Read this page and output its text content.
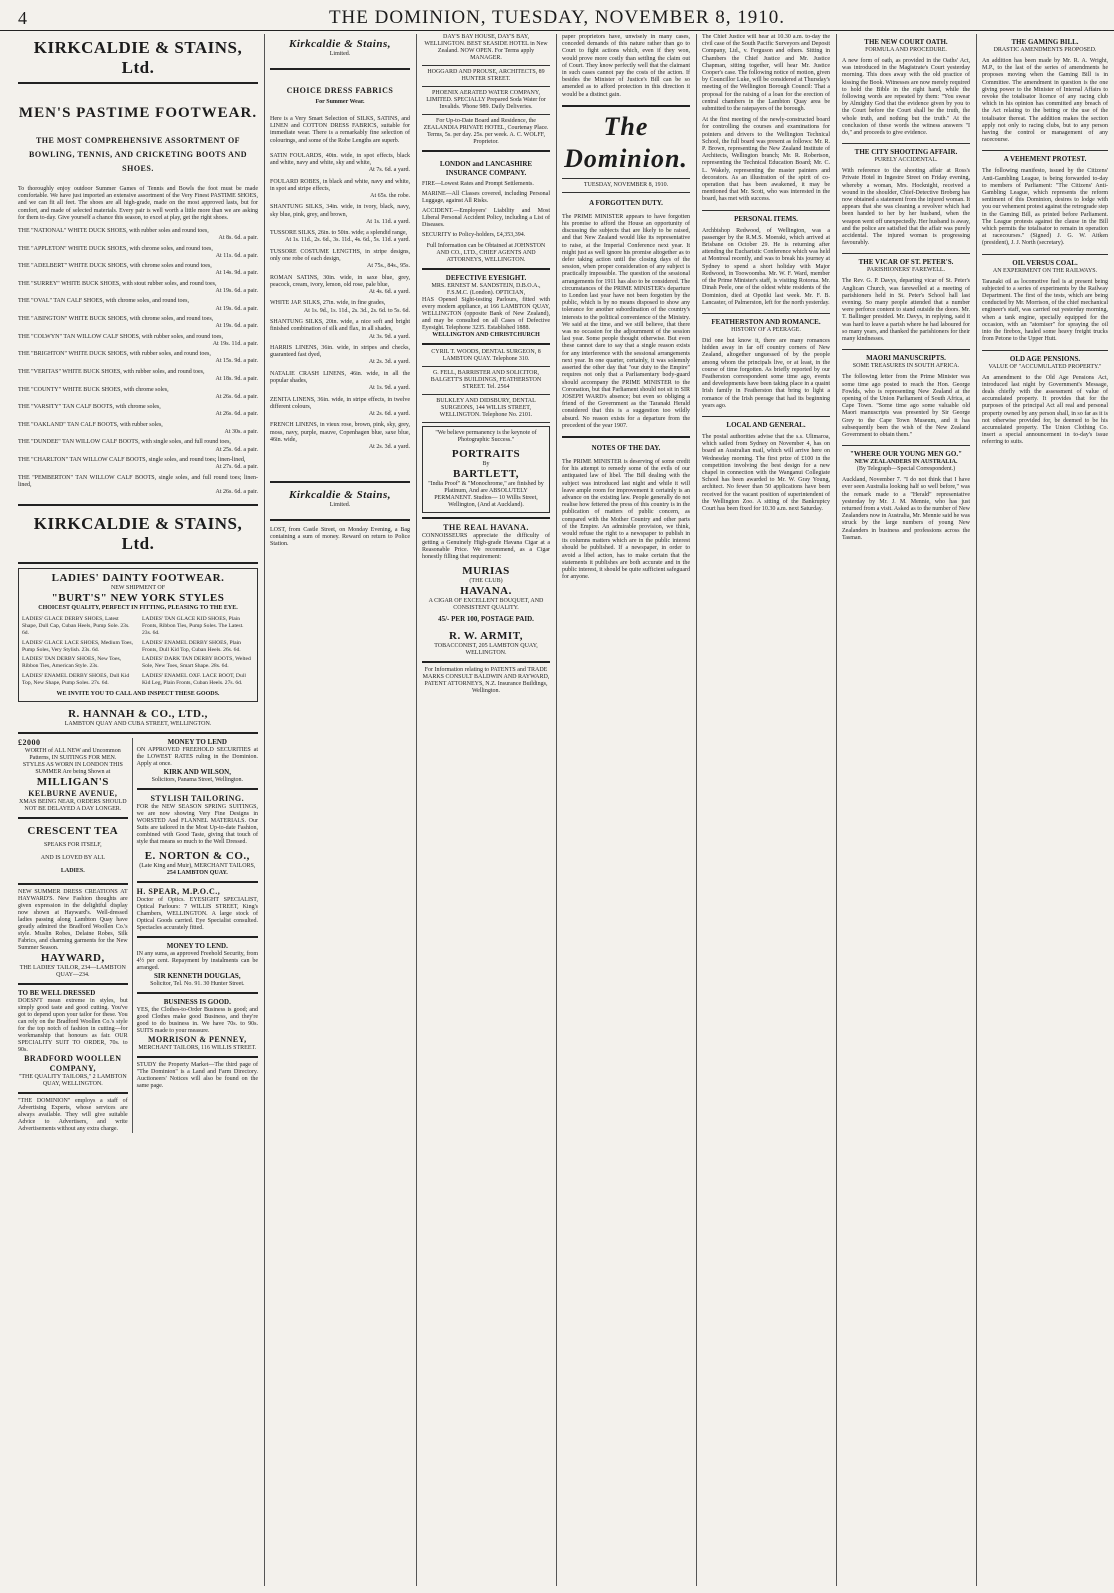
4	THE DOMINION, TUESDAY, NOVEMBER 8, 1910.
KIRKCALDIE & STAINS, Ltd.
MEN'S PASTIME FOOTWEAR.
THE MOST COMPREHENSIVE ASSORTMENT OF BOWLING, TENNIS, AND CRICKETING BOOTS AND SHOES.
To thoroughly enjoy outdoor Summer Games of Tennis and Bowls the foot must be made comfortable. We have just imported an extensive assortment of the Very Finest PASTIME SHOES, and we can fit all feet. The shoes are all high-grade, made on the most approved lasts, but for comfort, and made of selected materials. Every pair is well worth a little more than we are asking for them to-day. Give yourself a chance this season, to excel at play, get the right shoes.
THE "NATIONAL" WHITE DUCK SHOES, with rubber soles and round toes,
At 8s. 6d. a pair.
THE "APPLETON" WHITE DUCK SHOES, with chrome soles, and round toes,
At 11s. 6d. a pair.
THE "ADELBERT" WHITE DUCK SHOES, with chrome soles and round toes,
At 14s. 9d. a pair.
THE "SURREY" WHITE BUCK SHOES, with stout rubber soles, and round toes,
At 19s. 6d. a pair.
THE "OVAL" TAN CALF SHOES, with chrome soles, and round toes,
At 19s. 6d. a pair.
THE "ABINGTON" WHITE BUCK SHOES, with chrome soles, and round toes,
At 19s. 6d. a pair.
THE "COLWYN" TAN WILLOW CALF SHOES, with rubber soles, and round toes,
At 19s. 11d. a pair.
THE "BRIGHTON" WHITE DUCK SHOES, with rubber soles, and round toes,
At 15s. 9d. a pair.
THE "VERITAS" WHITE BUCK SHOES, with rubber soles, and round toes,
At 18s. 9d. a pair.
THE "COUNTY" WHITE BUCK SHOES, with chrome soles,
At 26s. 6d. a pair.
THE "VARSITY" TAN CALF BOOTS, with chrome soles,
At 26s. 6d. a pair.
THE "OAKLAND" TAN CALF BOOTS, with rubber soles,
At 30s. a pair.
THE "DUNDEE" TAN WILLOW CALF BOOTS, with single soles, and full round toes,
At 25s. 6d. a pair.
THE "CHARLTON" TAN WILLOW CALF BOOTS, single soles, and round toes; linen-lined,
At 27s. 6d. a pair.
THE "PEMBERTON" TAN WILLOW CALF BOOTS, single soles, and full round toes; linen-lined,
At 26s. 6d. a pair.
KIRKCALDIE & STAINS, Ltd.
LADIES' DAINTY FOOTWEAR.
NEW SHIPMENT OF
"BURT'S" NEW YORK STYLES
CHOICEST QUALITY, PERFECT IN FITTING, PLEASING TO THE EYE.
LADIES' GLACE DERBY SHOES, Latest Shape, Dull Cap, Cuban Heels, Pump Sole. 23s. 6d.
LADIES' TAN GLACE KID SHOES, Plain Fronts, Ribbon Ties, Pump Soles. The Latest. 23s. 6d.
LADIES' GLACE LACE SHOES, Medium Toes, Pump Soles, Very Stylish. 23s. 6d.
LADIES' ENAMEL DERBY SHOES, Plain Fronts, Dull Kid Top, Cuban Heels. 26s. 6d.
LADIES' TAN DERBY SHOES, New Toes, Ribbon Ties, American Style. 23s.
LADIES' DARK TAN DERBY BOOTS, Welted Sole, New Toes, Smart Shape. 28s. 6d.
LADIES' ENAMEL DERBY SHOES, Dull Kid Top, New Shape, Pump Soles. 27s. 6d.
LADIES' ENAMEL OXF. LACE BOOT, Dull Kid Leg, Plain Fronts, Cuban Heels. 27s. 6d.
WE INVITE YOU TO CALL AND INSPECT THESE GOODS.
R. HANNAH & CO., LTD.,
LAMBTON QUAY AND CUBA STREET, WELLINGTON.
£2000
WORTH of ALL NEW and Uncommon Patterns, IN SUITINGS FOR MEN. STYLES AS WORN IN LONDON THIS SUMMER Are being Shown at
MILLIGAN'S
KELBURNE AVENUE,
XMAS BEING NEAR, ORDERS SHOULD NOT BE DELAYED A DAY LONGER.
CRESCENT TEA
SPEAKS FOR ITSELF,
AND IS LOVED BY ALL
LADIES.
NEW SUMMER DRESS CREATIONS AT HAYWARD'S. New Fashion thoughts are given expression in the delightful display now shown at Hayward's. Well-dressed ladies passing along Lambton Quay have greatly admired the Bradford Woollen Co.'s style. Muslin Robes, Delaine Robes, Silk Fabrics, and charming garments for the New Summer Season.
HAYWARD,
THE LADIES' TAILOR, 234—LAMBTON QUAY—234.
TO BE WELL DRESSED
DOESN'T mean extreme in styles, but simply good taste and good cutting. You've got to depend upon your tailor for these. You can rely on the Bradford Woollen Co.'s style for the top notch of fashion in cutting—for workmanship that honours as fair. OUR SPECIALITY SUIT TO ORDER, 70s. to 90s.
BRADFORD WOOLLEN COMPANY,
"THE QUALITY TAILORS," 2 LAMBTON QUAY, WELLINGTON.
"THE DOMINION" employs a staff of Advertising Experts, whose services are always available. They will give suitable Advice to Advertisers, and write Advertisements without any extra charge.
MONEY TO LEND
ON APPROVED FREEHOLD SECURITIES at the LOWEST RATES ruling in the Dominion. Apply at once.
KIRK AND WILSON,
Solicitors, Panama Street, Wellington.
STYLISH TAILORING.
FOR the NEW SEASON SPRING SUITINGS, we are now showing Very Fine Designs in WORSTED And FLANNEL MATERIALS. Our Suits are tailored in the Most Up-to-date Fashion, combined with Good Taste, giving that touch of style that means so much to the Well Dressed.
E. NORTON & CO.,
(Late King and Muir), MERCHANT TAILORS,
254 LAMBTON QUAY.
H. SPEAR, M.P.O.C.,
Doctor of Optics. EYESIGHT SPECIALIST, Optical Parlours: 7 WILLIS STREET, King's Chambers, WELLINGTON. A large stock of Optical Goods carried. Eye Specialist consulted. Spectacles accurately fitted.
MONEY TO LEND.
IN any sums, as approved Freehold Security, from 4½ per cent. Repayment by instalments can be arranged.
SIR KENNETH DOUGLAS,
Solicitor, Tel. No. 91. 30 Hunter Street.
BUSINESS IS GOOD.
YES, the Clothes-to-Order Business is good; and good Clothes make good Business, and they're good to do business in. We have 70s. to 90s. SUITS made to your measure.
MORRISON & PENNEY,
MERCHANT TAILORS, 116 WILLIS STREET.
STUDY the Property Market—The third page of "The Dominion" is a Land and Farm Directory. Auctioneers' Notices will also be found on the same page.
Kirkcaldie & Stains,
Limited.
CHOICE DRESS FABRICS
For Summer Wear.
Here is a Very Smart Selection of SILKS, SATINS, and LINEN and COTTON DRESS FABRICS, suitable for immediate wear. There is a remarkably fine selection of colourings, and some of the Robe Lengths are superb.
SATIN FOULARDS, 40in. wide, in spot effects, black and white, navy and white, sky and white,
At 7s. 6d. a yard.
FOULARD ROBES, in black and white, navy and white, in spot and stripe effects,
At 65s. the robe.
SHANTUNG SILKS, 34in. wide, in ivory, black, navy, sky blue, pink, grey, and brown,
At 1s. 11d. a yard.
TUSSORE SILKS, 26in. to 50in. wide; a splendid range,
At 1s. 11d., 2s. 6d., 3s. 11d., 4s. 6d., 5s. 11d. a yard.
TUSSORE COSTUME LENGTHS, in stripe designs, only one robe of each design,
At 75s., 84s., 95s.
ROMAN SATINS, 30in. wide, in saxe blue, grey, peacock, cream, ivory, lemon, old rose, pale blue,
At 4s. 6d. a yard.
WHITE JAP. SILKS, 27in. wide, in fine grades,
At 1s. 9d., 1s. 11d., 2s. 3d., 2s. 6d. to 5s. 6d.
SHANTUNG SILKS, 20in. wide, a nice soft and bright finished combination of silk and flax, in all shades,
At 3s. 9d. a yard.
HARRIS LINENS, 36in. wide, in stripes and checks, guaranteed fast dyed,
At 2s. 3d. a yard.
NATALIE CRASH LINENS, 46in. wide, in all the popular shades,
At 1s. 9d. a yard.
ZENITA LINENS, 36in. wide, in stripe effects, in twelve different colours,
At 2s. 6d. a yard.
FRENCH LINENS, in vieux rose, brown, pink, sky, grey, moss, navy, purple, mauve, Copenhagen blue, saxe blue, 46in. wide,
At 2s. 3d. a yard.
Kirkcaldie & Stains,
Limited.
LOST, from Castle Street, on Monday Evening, a Bag containing a sum of money. Reward on return to Police Station.
DAY'S BAY HOUSE, DAY'S BAY, WELLINGTON. BEST SEASIDE HOTEL in New Zealand. NOW OPEN. For Terms apply MANAGER.
HOGGARD AND PROUSE, ARCHITECTS, 89 HUNTER STREET.
PHOENIX AERATED WATER COMPANY, LIMITED. SPECIALLY Prepared Soda Water for Invalids. 'Phone 989. Daily Deliveries.
For Up-to-Date Board and Residence, the ZEALANDIA PRIVATE HOTEL, Courtenay Place. Terms, 5s. per day. 25s. per week. A. C. WOLFF, Proprietor.
LONDON and LANCASHIRE INSURANCE COMPANY.
FIRE—Lowest Rates and Prompt Settlements.
MARINE—All Classes covered, including Personal Luggage, against All Risks.
ACCIDENT.—Employers' Liability and Most Liberal Personal Accident Policy, including a List of Diseases.
SECURITY to Policy-holders, £4,353,394.
Full Information can be Obtained at JOHNSTON AND CO., LTD., CHIEF AGENTS AND ATTORNEYS, WELLINGTON.
DEFECTIVE EYESIGHT.
MRS. ERNEST M. SANDSTEIN, D.B.O.A., F.S.M.C. (London). OPTICIAN,
HAS Opened Sight-testing Parlours, fitted with every modern appliance, at 166 LAMBTON QUAY, WELLINGTON (opposite Bank of New Zealand), and may be consulted on all Cases of Defective Eyesight. Telephone 3235. Established 1888.
WELLINGTON AND CHRISTCHURCH
CYRIL T. WOODS, DENTAL SURGEON, 8 LAMBTON QUAY. Telephone 310.
G. FELL, BARRISTER AND SOLICITOR, BALGETT'S BUILDINGS, FEATHERSTON STREET. Tel. 2564
BULKLEY AND DIDSBURY, DENTAL SURGEONS, 144 WILLIS STREET, WELLINGTON. Telephone No. 2101.
"We believe permanency is the keynote of Photographic Success."
PORTRAITS
By
BARTLETT,
"India Proof" & "Monochrome," are finished by Platinum, And are ABSOLUTELY PERMANENT. Studios— 10 Willis Street, Wellington, (And at Auckland).
THE REAL HAVANA.
CONNOISSEURS appreciate the difficulty of getting a Genuinely High-grade Havana Cigar at a Reasonable Price. We recommend, as a Cigar honestly filling that requirement:
MURIAS
(THE CLUB)
HAVANA.
A CIGAR OF EXCELLENT BOUQUET, AND CONSISTENT QUALITY.
45/- PER 100, POSTAGE PAID.
R. W. ARMIT,
TOBACCONIST, 205 LAMBTON QUAY, WELLINGTON.
For Information relating to PATENTS and TRADE MARKS CONSULT BALDWIN AND RAYWARD, PATENT ATTORNEYS, N.Z. Insurance Buildings, Wellington.
paper proprietors have, unwisely in many cases, conceded demands of this nature rather than go to Court to fight actions which, even if they won, would prove more costly than settling the claim out of Court. They know perfectly well that the claimant in such cases cannot pay the costs of the action. If besides the Minister of Justice's Bill can be so amended as to afford protection in this direction it would be a distinct gain.
The Dominion.
TUESDAY, NOVEMBER 8, 1910.
A FORGOTTEN DUTY.
The PRIME MINISTER appears to have forgotten his promise to afford the House an opportunity of discussing the subjects that are likely to be raised, and that New Zealand would like its representative to raise, at the Imperial Conference next year. It might just as well ignore his promise altogether as to defer taking action until the closing days of the session, when proper consideration of any subject is practically impossible. The question of the sessional arrangements for 1911 has also to be considered. The circumstances of the PRIME MINISTER's departure to London last year have not been forgotten by the public, which is by no means disposed to show any tolerance for another subordination of the country's interests to the political convenience of the Ministry. We said at the time, and we still believe, that there was no occasion for the adjournment of the session last year. Some people thought otherwise. But even these cannot dare to say that a single reason exists for any interference with the sessional arrangements next year. In one quarter, certainly, it was solemnly asserted the other day that "our duty to the Empire" requires not only that a Parliamentary body-guard should accompany the PRIME MINISTER to the Coronation, but that Parliament should not sit in SIR JOSEPH WARD's absence; but even so obliging a friend of the Government as the Taranaki Herald considered that this is a suggestion too wildly absurd. No reason exists for a departure from the precedent of the year 1907.
NOTES OF THE DAY.
The PRIME MINISTER is deserving of some credit for his attempt to remedy some of the evils of our antiquated law of libel. The Bill dealing with the subject was introduced last night and while it will leave ample room for improvement it certainly is an advance on the existing law. People generally do not realise how fettered the press of this country is in the publication of matters of public concern, as compared with the Mother Country and other parts of the Empire. An admirable provision, we think, would refuse the right to a newspaper to publish in its columns matters which are in the public interest should be published. If a newspaper, in order to avoid a libel action, has to make certain that the statements it publishes are both accurate and in the public interest, it should be quite sufficient safeguard for anyone.
The Chief Justice will hear at 10.30 a.m. to-day the civil case of the South Pacific Surveyors and Deposit Company, Ltd., v. Ferguson and others. Sitting in Chambers the Chief Justice and Mr. Justice Chapman, sitting together, will hear Mr. Justice Cooper's case. The following notice of motion, given by Councillor Luke, will be considered at Thursday's meeting of the Wellington Borough Council: That a proposal for the raising of a loan for the erection of central chambers in the Lambton Quay area be submitted to the ratepayers of the borough.
At the first meeting of the newly-constructed board for controlling the courses and examinations for pointers and drivers to the Wellington Technical School, the full board was present as follows: Mr. R. P. Brown, representing the New Zealand Institute of Architects, Wellington branch; Mr. R. Robertson, representing the Technical Education Board; Mr. C. L. Wakely, representing the master painters and decorators. As an illustration of the spirit of co-operation that has been awakened, it may be mentioned that Mr. Scott, who was interested in the board, has met with success.
PERSONAL ITEMS.
Archbishop Redwood, of Wellington, was a passenger by the R.M.S. Moeraki, which arrived at Brisbane on October 29. He is returning after attending the Eucharistic Conference which was held at Montreal recently, and was to break his journey at Sydney to spend a short holiday with Major Redwood, in Toowoomba. Mr. W. F. Ward, member of the Prime Minister's staff, is visiting Rotorua. Mr. Dinah Peele, one of the oldest white residents of the Dominion, died at Opotiki last week. Mr. F. B. Lancaster, of Palmerston, left for the north yesterday.
FEATHERSTON AND ROMANCE.
HISTORY OF A PEERAGE.
Did one but know it, there are many romances hidden away in far off country corners of New Zealand, altogether unguessed of by the people among whom the principals live, or at least, in the course of time forgotten. As briefly reported by our Featherston correspondent some time ago, events and developments have been taking place in a quaint Irish family in Featherston that bring to light a romance of the Irish peerage that had its beginning years ago.
LOCAL AND GENERAL.
The postal authorities advise that the s.s. Ulimaroa, which sailed from Sydney on November 4, has on board an Australian mail, which will arrive here on Wednesday morning. The first prize of £100 in the competition involving the best design for a new chapel in connection with the Wanganui Collegiate School has been awarded to Mr. W. Gray Young, architect. No fewer than 50 applications have been received for the vacant position of superintendent of the Wellington Zoo. A sitting of the Bankruptcy Court has been fixed for 10.30 a.m. next Saturday.
THE NEW COURT OATH.
FORMULA AND PROCEDURE.
A new form of oath, as provided in the Oaths' Act, was introduced in the Magistrate's Court yesterday morning. This does away with the old practice of kissing the Book. Witnesses are now merely required to hold the Bible in the right hand, while the following words are repeated by them: "You swear by Almighty God that the evidence given by you to the Court before the Court shall be the truth, the whole truth, and nothing but the truth." At the conclusion of these words the witness answers "I do," and proceeds to give evidence.
THE CITY SHOOTING AFFAIR.
PURELY ACCIDENTAL.
With reference to the shooting affair at Ross's Private Hotel in Ingestre Street on Friday evening, whereby a woman, Mrs. Hocknight, received a wound in the shoulder, Chief-Detective Broberg has now obtained a statement from the injured woman. It appears that she was cleaning a revolver which had been handed to her by her husband, when the weapon went off unexpectedly. Her husband is away, and the police are satisfied that the affair was purely accidental. The injured woman is progressing favourably.
THE VICAR OF ST. PETER'S.
PARISHIONERS' FAREWELL.
The Rev. G. P. Davys, departing vicar of St. Peter's Anglican Church, was farewelled at a meeting of parishioners held in St. Peter's School hall last evening. So many people attended that a number were perforce content to stand outside the doors. Mr. T. Ballinger presided. Mr. Davys, in replying, said it was hard to leave a parish where he had laboured for so many years, and thanked the parishioners for their many kindnesses.
MAORI MANUSCRIPTS.
SOME TREASURES IN SOUTH AFRICA.
The following letter from the Prime Minister was some time ago posted to reach the Hon. George Fowlds, who is representing New Zealand at the opening of the Union Parliament of South Africa, at Cape Town. "Some time ago some valuable old Maori manuscripts was presented by Sir George Grey to the Cape Town Museum, and it has subsequently been the wish of the New Zealand Government to obtain them."
"WHERE OUR YOUNG MEN GO."
NEW ZEALANDERS IN AUSTRALIA.
(By Telegraph—Special Correspondent.)
Auckland, November 7. "I do not think that I have ever seen Australia looking half so well before," was the remark made to a "Herald" representative yesterday by Mr. J. M. Mennie, who has just returned from a visit. Asked as to the number of New Zealanders now in Australia, Mr. Mennie said he was struck by the large numbers of young New Zealanders in business and professions across the Tasman.
THE GAMING BILL.
DRASTIC AMENDMENTS PROPOSED.
An addition has been made by Mr. R. A. Wright, M.P., to the last of the series of amendments he proposes moving when the Gaming Bill is in Committee. The amendment in question is the one giving power to the Minister of Internal Affairs to revoke the totalisator licence of any racing club which in his opinion has committed any breach of the Act relating to the betting or the use of the totalisator thereat. The addition makes the section apply not only to racing clubs, but to any person having the control or management of any racecourse.
A VEHEMENT PROTEST.
The following manifesto, issued by the Citizens' Anti-Gambling League, is being forwarded to-day to members of Parliament: "The Citizens' Anti-Gambling League, which represents the reform sentiment of this Dominion, desires to lodge with you our vehement protest against the retrograde step in the Gaming Bill, as printed before Parliament. The League protests against the clause in the Bill which permits the totalisator to remain in operation at racecourses." (Signed) J. G. W. Aitken (president), J. J. North (secretary).
OIL VERSUS COAL.
AN EXPERIMENT ON THE RAILWAYS.
Taranaki oil as locomotive fuel is at present being subjected to a series of experiments by the Railway Department. The first of the tests, which are being conducted by Mr. Morrison, of the chief mechanical engineer's staff, was carried out yesterday morning, when a tank engine, specially equipped for the occasion, with an "atomiser" for spraying the oil into the firebox, hauled some heavy freight trucks from Petone to the Upper Hutt.
OLD AGE PENSIONS.
VALUE OF "ACCUMULATED PROPERTY."
An amendment to the Old Age Pensions Act, introduced last night by Government's Message, deals chiefly with the assessment of value of accumulated property. It provides that for the purposes of the principal Act all real and personal property owned by any person shall, in so far as it is not otherwise provided for, be deemed to be his accumulated property. The Union Clothing Co. insert a special announcement in to-day's issue referring to suits.
